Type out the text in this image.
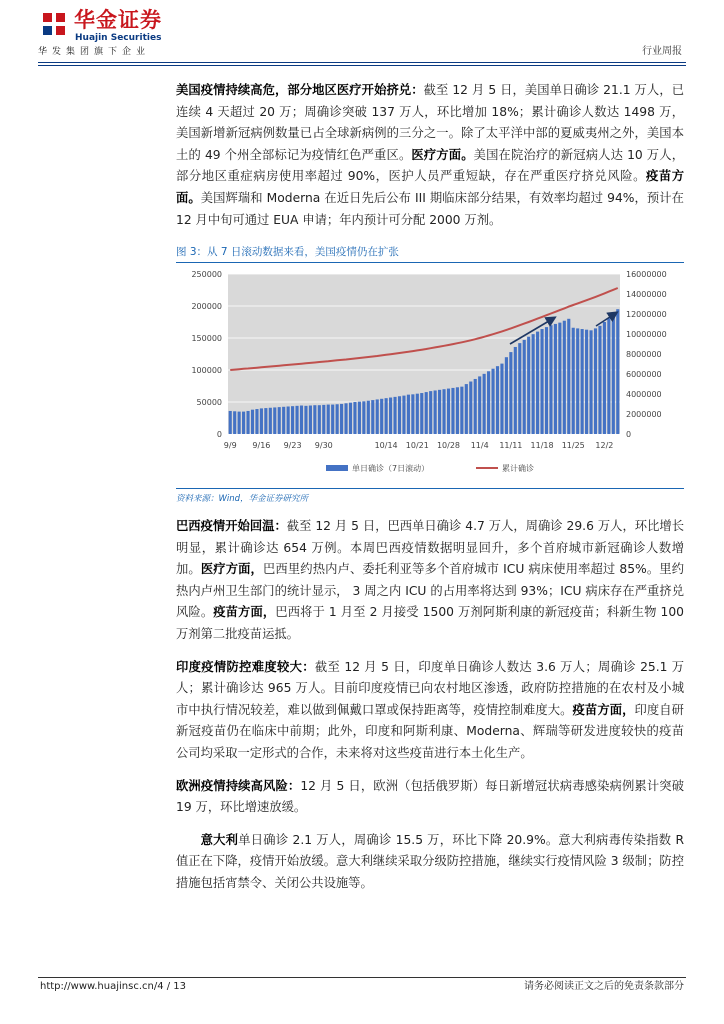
华金证券
Huajin Securities
华发集团旗下企业	行业周报

美国疫情持续高危，部分地区医疗开始挤兑：截至 12 月 5 日，美国单日确诊 21.1 万人，已连续 4 天超过 20 万；周确诊突破 137 万人，环比增加 18%；累计确诊人数达 1498 万，美国新增新冠病例数量已占全球新病例的三分之一。除了太平洋中部的夏威夷州之外，美国本土的 49 个州全部标记为疫情红色严重区。医疗方面。美国在院治疗的新冠病人达 10 万人，部分地区重症病房使用率超过 90%，医护人员严重短缺，存在严重医疗挤兑风险。疫苗方面。美国辉瑞和 Moderna 在近日先后公布 III 期临床部分结果，有效率均超过 94%，预计在 12 月中旬可通过 EUA 申请；年内预计可分配 2000 万剂。

图 3：从 7 日滚动数据来看，美国疫情仍在扩张
0
50000
100000
150000
200000
250000
0
2000000
4000000
6000000
8000000
10000000
12000000
14000000
16000000
9/9 9/16 9/23 9/30	10/14 10/21 10/28 11/4 11/11 11/18 11/25 12/2
单日确诊（7日滚动）	累计确诊
资料来源：Wind，华金证券研究所

巴西疫情开始回温：截至 12 月 5 日，巴西单日确诊 4.7 万人，周确诊 29.6 万人，环比增长明显，累计确诊达 654 万例。本周巴西疫情数据明显回升，多个首府城市新冠确诊人数增加。医疗方面，巴西里约热内卢、委托利亚等多个首府城市 ICU 病床使用率超过 85%。里约热内卢州卫生部门的统计显示， 3 周之内 ICU 的占用率将达到 93%；ICU 病床存在严重挤兑风险。疫苗方面，巴西将于 1 月至 2 月接受 1500 万剂阿斯利康的新冠疫苗；科新生物 100 万剂第二批疫苗运抵。

印度疫情防控难度较大：截至 12 月 5 日，印度单日确诊人数达 3.6 万人；周确诊 25.1 万人；累计确诊达 965 万人。目前印度疫情已向农村地区渗透，政府防控措施的在农村及小城市中执行情况较差，难以做到佩戴口罩或保持距离等，疫情控制难度大。疫苗方面，印度自研新冠疫苗仍在临床中前期；此外，印度和阿斯利康、Moderna、辉瑞等研发进度较快的疫苗公司均采取一定形式的合作，未来将对这些疫苗进行本土化生产。

欧洲疫情持续高风险：12 月 5 日，欧洲（包括俄罗斯）每日新增冠状病毒感染病例累计突破 19 万，环比增速放缓。

意大利单日确诊 2.1 万人，周确诊 15.5 万，环比下降 20.9%。意大利病毒传染指数 R 值正在下降，疫情开始放缓。意大利继续采取分级防控措施，继续实行疫情风险 3 级制；防控措施包括宵禁令、关闭公共设施等。

http://www.huajinsc.cn/4 / 13	请务必阅读正文之后的免责条款部分
